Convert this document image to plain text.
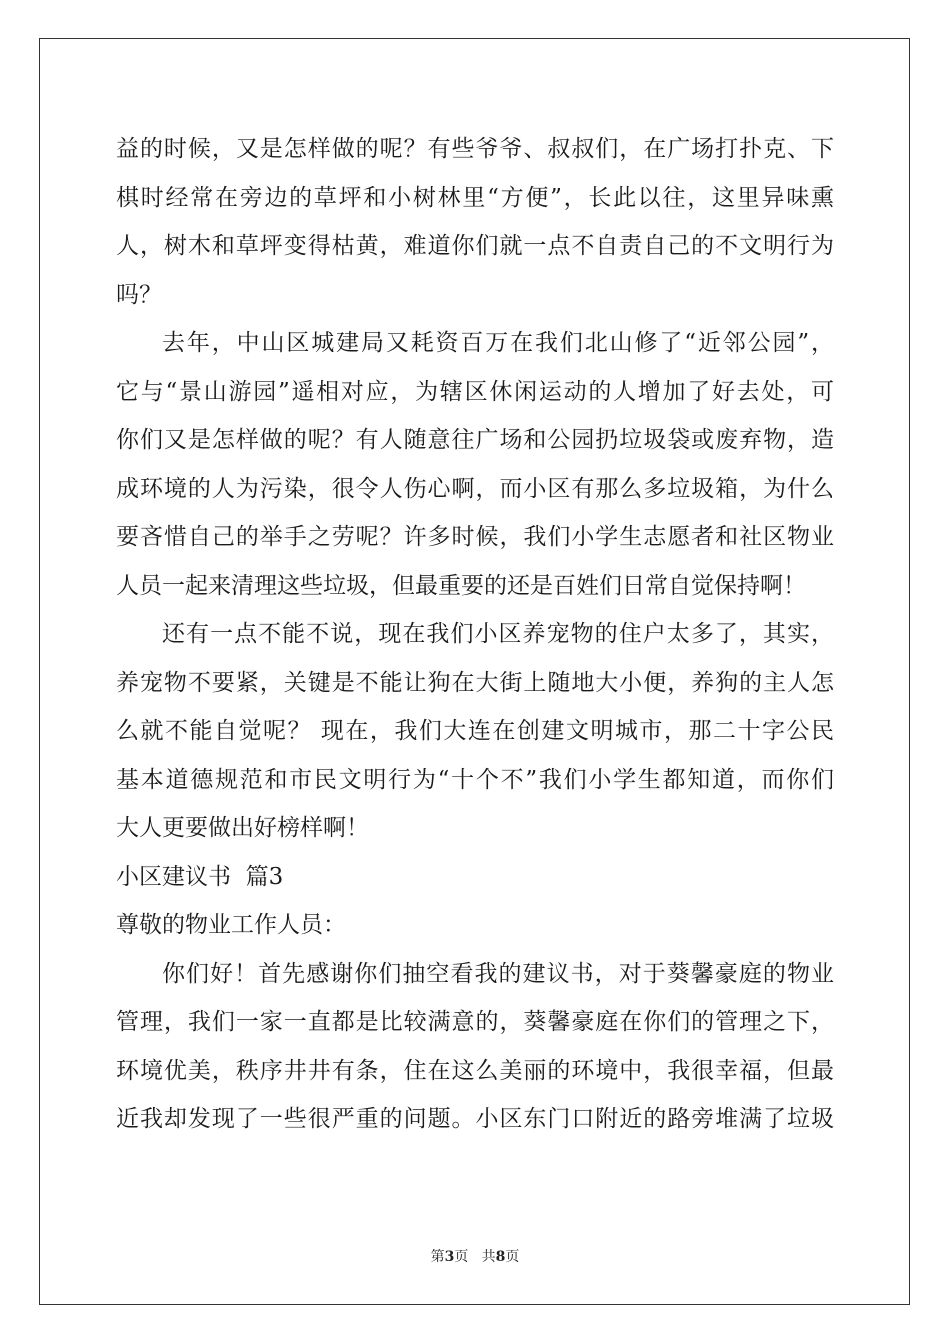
益的时候，又是怎样做的呢？有些爷爷、叔叔们，在广场打扑克、下
棋时经常在旁边的草坪和小树林里“方便”，长此以往，这里异味熏
人，树木和草坪变得枯黄，难道你们就一点不自责自己的不文明行为
吗？
去年，中山区城建局又耗资百万在我们北山修了“近邻公园”，
它与“景山游园”遥相对应，为辖区休闲运动的人增加了好去处，可
你们又是怎样做的呢？有人随意往广场和公园扔垃圾袋或废弃物，造
成环境的人为污染，很令人伤心啊，而小区有那么多垃圾箱，为什么
要吝惜自己的举手之劳呢？许多时候，我们小学生志愿者和社区物业
人员一起来清理这些垃圾，但最重要的还是百姓们日常自觉保持啊！
还有一点不能不说，现在我们小区养宠物的住户太多了，其实，
养宠物不要紧，关键是不能让狗在大街上随地大小便，养狗的主人怎
么就不能自觉呢？ 现在，我们大连在创建文明城市，那二十字公民
基本道德规范和市民文明行为“十个不”我们小学生都知道，而你们
大人更要做出好榜样啊！
小区建议书  篇3
尊敬的物业工作人员：
你们好！首先感谢你们抽空看我的建议书，对于葵馨豪庭的物业
管理，我们一家一直都是比较满意的，葵馨豪庭在你们的管理之下，
环境优美，秩序井井有条，住在这么美丽的环境中，我很幸福，但最
近我却发现了一些很严重的问题。小区东门口附近的路旁堆满了垃圾
第3页 共8页
